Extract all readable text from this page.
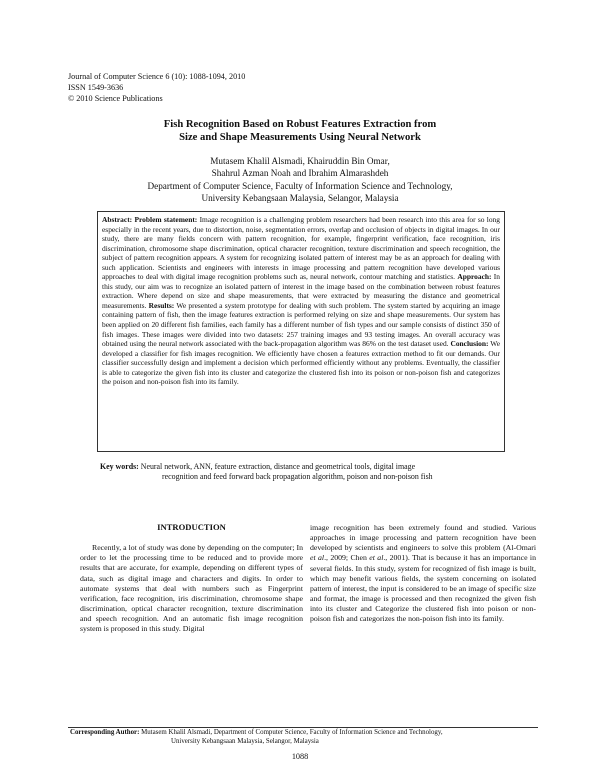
Journal of Computer Science 6 (10): 1088-1094, 2010
ISSN 1549-3636
© 2010 Science Publications
Fish Recognition Based on Robust Features Extraction from
Size and Shape Measurements Using Neural Network
Mutasem Khalil Alsmadi, Khairuddin Bin Omar,
Shahrul Azman Noah and Ibrahim Almarashdeh
Department of Computer Science, Faculty of Information Science and Technology,
University Kebangsaan Malaysia, Selangor, Malaysia

Abstract: Problem statement: Image recognition is a challenging problem researchers had been research into this area for so long especially in the recent years, due to distortion, noise, segmentation errors, overlap and occlusion of objects in digital images. In our study, there are many fields concern with pattern recognition, for example, fingerprint verification, face recognition, iris discrimination, chromosome shape discrimination, optical character recognition, texture discrimination and speech recognition, the subject of pattern recognition appears. A system for recognizing isolated pattern of interest may be as an approach for dealing with such application. Scientists and engineers with interests in image processing and pattern recognition have developed various approaches to deal with digital image recognition problems such as, neural network, contour matching and statistics. Approach: In this study, our aim was to recognize an isolated pattern of interest in the image based on the combination between robust features extraction. Where depend on size and shape measurements, that were extracted by measuring the distance and geometrical measurements. Results: We presented a system prototype for dealing with such problem. The system started by acquiring an image containing pattern of fish, then the image features extraction is performed relying on size and shape measurements. Our system has been applied on 20 different fish families, each family has a different number of fish types and our sample consists of distinct 350 of fish images. These images were divided into two datasets: 257 training images and 93 testing images. An overall accuracy was obtained using the neural network associated with the back-propagation algorithm was 86% on the test dataset used. Conclusion: We developed a classifier for fish images recognition. We efficiently have chosen a features extraction method to fit our demands. Our classifier successfully design and implement a decision which performed efficiently without any problems. Eventually, the classifier is able to categorize the given fish into its cluster and categorize the clustered fish into its poison or non-poison fish and categorizes the poison and non-poison fish into its family.

Key words: Neural network, ANN, feature extraction, distance and geometrical tools, digital image
recognition and feed forward back propagation algorithm, poison and non-poison fish
INTRODUCTION

Recently, a lot of study was done by depending on the computer; In order to let the processing time to be reduced and to provide more results that are accurate, for example, depending on different types of data, such as digital image and characters and digits. In order to automate systems that deal with numbers such as Fingerprint verification, face recognition, iris discrimination, chromosome shape discrimination, optical character recognition, texture discrimination and speech recognition. And an automatic fish image recognition system is proposed in this study. Digital

image recognition has been extremely found and studied. Various approaches in image processing and pattern recognition have been developed by scientists and engineers to solve this problem (Al-Omari et al., 2009; Chen et al., 2001). That is because it has an importance in several fields. In this study, system for recognized of fish image is built, which may benefit various fields, the system concerning on isolated pattern of interest, the input is considered to be an image of specific size and format, the image is processed and then recognized the given fish into its cluster and Categorize the clustered fish into poison or non-poison fish and categorizes the non-poison fish into its family.

Corresponding Author: Mutasem Khalil Alsmadi, Department of Computer Science, Faculty of Information Science and Technology,
University Kebangsaan Malaysia, Selangor, Malaysia
1088
